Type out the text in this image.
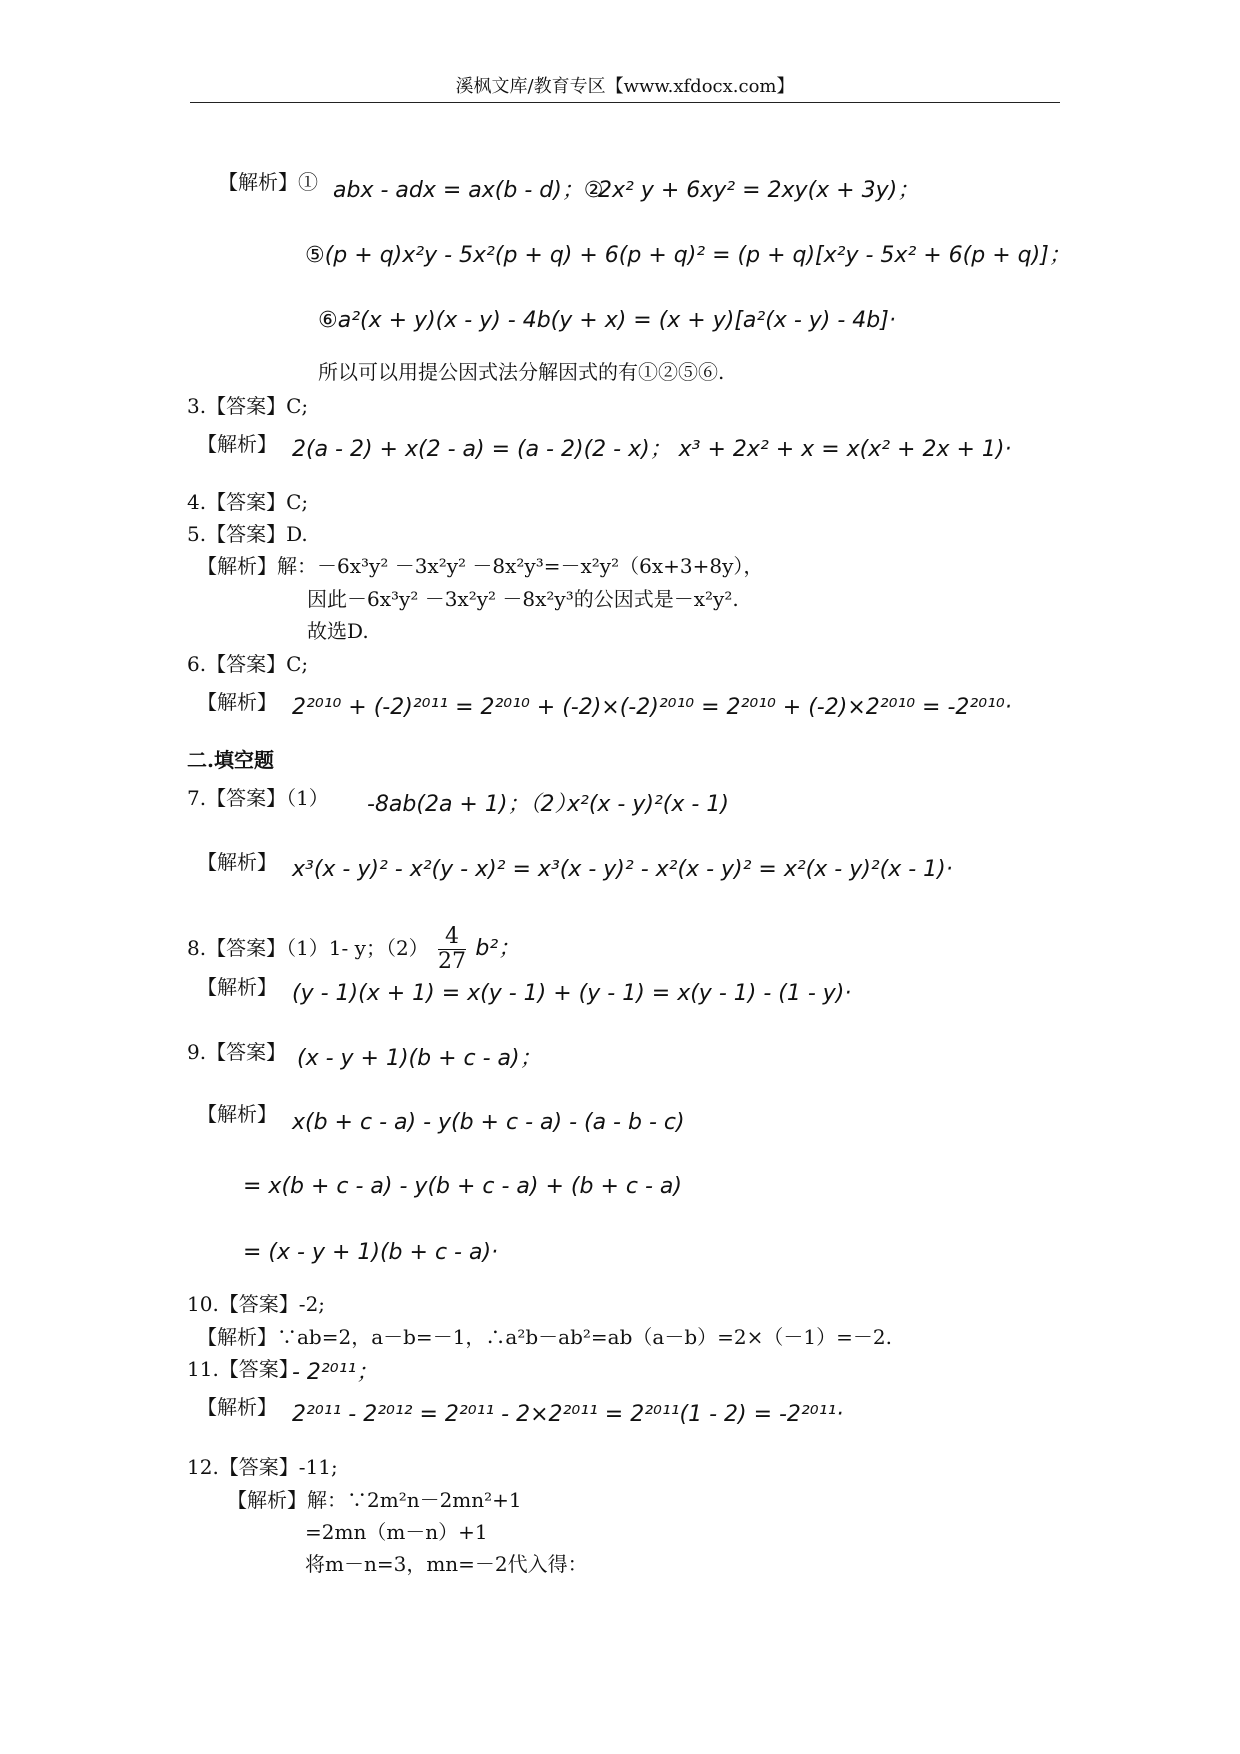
溪枫文库/教育专区【www.xfdocx.com】
【解析】① abx - adx = ax(b - d)；②
2x² y + 6xy² = 2xy(x + 3y)；
⑤(p + q)x²y - 5x²(p + q) + 6(p + q)² = (p + q)[x²y - 5x² + 6(p + q)]；
⑥a²(x + y)(x - y) - 4b(y + x) = (x + y)[a²(x - y) - 4b]·
所以可以用提公因式法分解因式的有①②⑤⑥.
3.【答案】C;
【解析】 2(a - 2) + x(2 - a) = (a - 2)(2 - x)； x³ + 2x² + x = x(x² + 2x + 1)·
4.【答案】C;
5.【答案】D.
【解析】解：－6x³y² －3x²y² －8x²y³=－x²y²（6x+3+8y），
因此－6x³y² －3x²y² －8x²y³的公因式是－x²y².
故选D.
6.【答案】C;
【解析】 2²⁰¹⁰ + (-2)²⁰¹¹ = 2²⁰¹⁰ + (-2)×(-2)²⁰¹⁰ = 2²⁰¹⁰ + (-2)×2²⁰¹⁰ = -2²⁰¹⁰·
二.填空题
7.【答案】（1） -8ab(2a + 1)；（2）
x²(x - y)²(x - 1)
【解析】 x³(x - y)² - x²(y - x)² = x³(x - y)² - x²(x - y)² = x²(x - y)²(x - 1)·
8.【答案】（1）1- y；$(2) \frac{4}{27} b^2$；
【解析】 (y - 1)(x + 1) = x(y - 1) + (y - 1) = x(y - 1) - (1 - y)·
9.【答案】 (x - y + 1)(b + c - a)；
【解析】 x(b + c - a) - y(b + c - a) - (a - b - c)
= x(b + c - a) - y(b + c - a) + (b + c - a)
= (x - y + 1)(b + c - a)·
10.【答案】-2;
【解析】∵ab=2，a－b=－1，∴a²b－ab²=ab（a－b）=2×（－1）=－2.
11.【答案】
- 2²⁰¹¹；
【解析】 2²⁰¹¹ - 2²⁰¹² = 2²⁰¹¹ - 2×2²⁰¹¹ = 2²⁰¹¹(1 - 2) = -2²⁰¹¹·
12.【答案】-11;
【解析】解：∵2m²n－2mn²+1
=2mn（m－n）+1
将m－n=3，mn=－2代入得：
